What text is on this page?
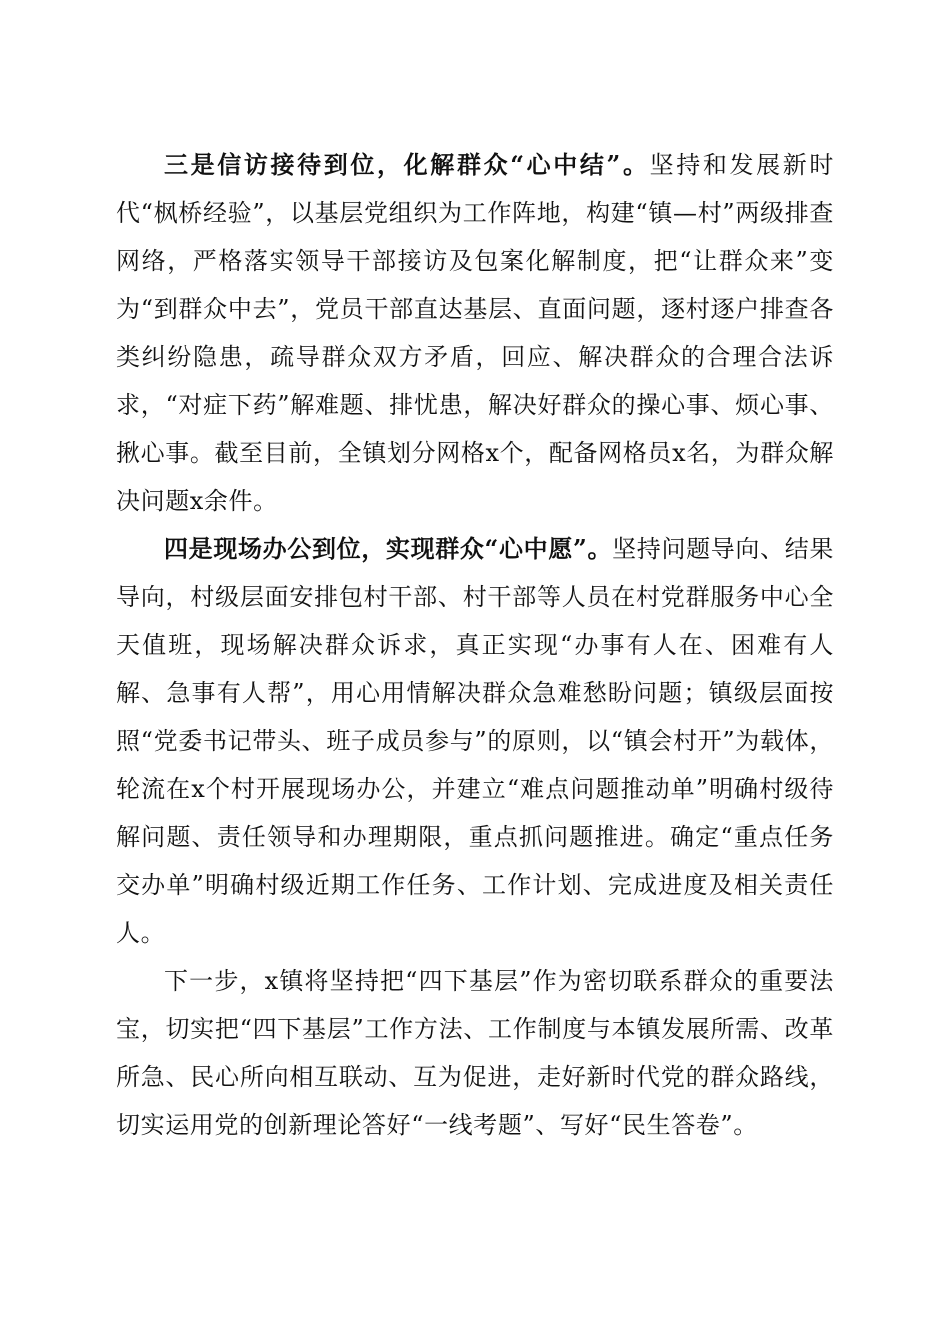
三是信访接待到位，化解群众“心中结”。坚持和发展新时代“枫桥经验”，以基层党组织为工作阵地，构建“镇—村”两级排查网络，严格落实领导干部接访及包案化解制度，把“让群众来”变为“到群众中去”，党员干部直达基层、直面问题，逐村逐户排查各类纠纷隐患，疏导群众双方矛盾，回应、解决群众的合理合法诉求，“对症下药”解难题、排忧患，解决好群众的操心事、烦心事、揪心事。截至目前，全镇划分网格x个，配备网格员x名，为群众解决问题x余件。

四是现场办公到位，实现群众“心中愿”。坚持问题导向、结果导向，村级层面安排包村干部、村干部等人员在村党群服务中心全天值班，现场解决群众诉求，真正实现“办事有人在、困难有人解、急事有人帮”，用心用情解决群众急难愁盼问题；镇级层面按照“党委书记带头、班子成员参与”的原则，以“镇会村开”为载体，轮流在x个村开展现场办公，并建立“难点问题推动单”明确村级待解问题、责任领导和办理期限，重点抓问题推进。确定“重点任务交办单”明确村级近期工作任务、工作计划、完成进度及相关责任人。

下一步，x镇将坚持把“四下基层”作为密切联系群众的重要法宝，切实把“四下基层”工作方法、工作制度与本镇发展所需、改革所急、民心所向相互联动、互为促进，走好新时代党的群众路线，切实运用党的创新理论答好“一线考题”、写好“民生答卷”。
